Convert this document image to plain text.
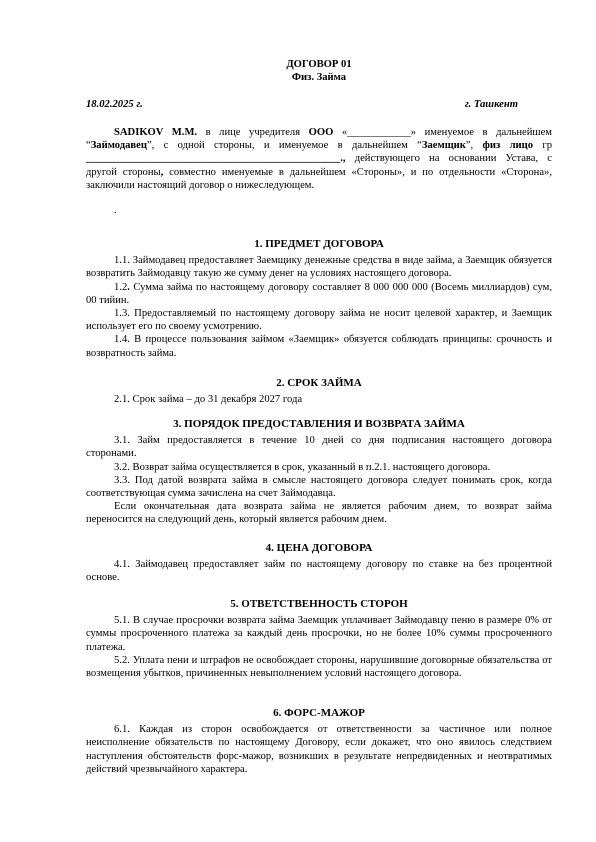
ДОГОВОР 01
Физ. Займа
18.02.2025 г.	г. Ташкент

SADIKOV M.M. в лице учредителя ООО «____________» именуемое в дальнейшем “Займодавец”, с одной стороны, и именуемое в дальнейшем “Заемщик”, физ лицо гр ________________________________________________., действующего на основании Устава, с другой стороны, совместно именуемые в дальнейшем «Стороны», и по отдельности «Сторона», заключили настоящий договор о нижеследующем.

.

1. ПРЕДМЕТ ДОГОВОРА

1.1. Займодавец предоставляет Заемщику денежные средства в виде займа, а Заемщик обязуется возвратить Займодавцу такую же сумму денег на условиях настоящего договора.

1.2. Сумма займа по настоящему договору составляет 8 000 000 000 (Восемь миллиардов) сум, 00 тийин.

1.3. Предоставляемый по настоящему договору займа не носит целевой характер, и Заемщик использует его по своему усмотрению.

1.4. В процессе пользования займом «Заемщик» обязуется соблюдать принципы: срочность и возвратность займа.

2. СРОК ЗАЙМА

2.1. Срок займа – до 31 декабря 2027 года

3. ПОРЯДОК ПРЕДОСТАВЛЕНИЯ И ВОЗВРАТА ЗАЙМА

3.1. Займ предоставляется в течение 10 дней со дня подписания настоящего договора сторонами.

3.2. Возврат займа осуществляется в срок, указанный в п.2.1. настоящего договора.

3.3. Под датой возврата займа в смысле настоящего договора следует понимать срок, когда соответствующая сумма зачислена на счет Займодавца.

Если окончательная дата возврата займа не является рабочим днем, то возврат займа переносится на следующий день, который является рабочим днем.

4. ЦЕНА ДОГОВОРА

4.1. Займодавец предоставляет займ по настоящему договору по ставке на без процентной основе.

5. ОТВЕТСТВЕННОСТЬ СТОРОН

5.1. В случае просрочки возврата займа Заемщик уплачивает Займодавцу пеню в размере 0% от суммы просроченного платежа за каждый день просрочки, но не более 10% суммы просроченного платежа.

5.2. Уплата пени и штрафов не освобождает стороны, нарушившие договорные обязательства от возмещения убытков, причиненных невыполнением условий настоящего договора.

6. ФОРС-МАЖОР

6.1. Каждая из сторон освобождается от ответственности за частичное или полное неисполнение обязательств по настоящему Договору, если докажет, что оно явилось следствием наступления обстоятельств форс-мажор, возникших в результате непредвиденных и неотвратимых действий чрезвычайного характера.
